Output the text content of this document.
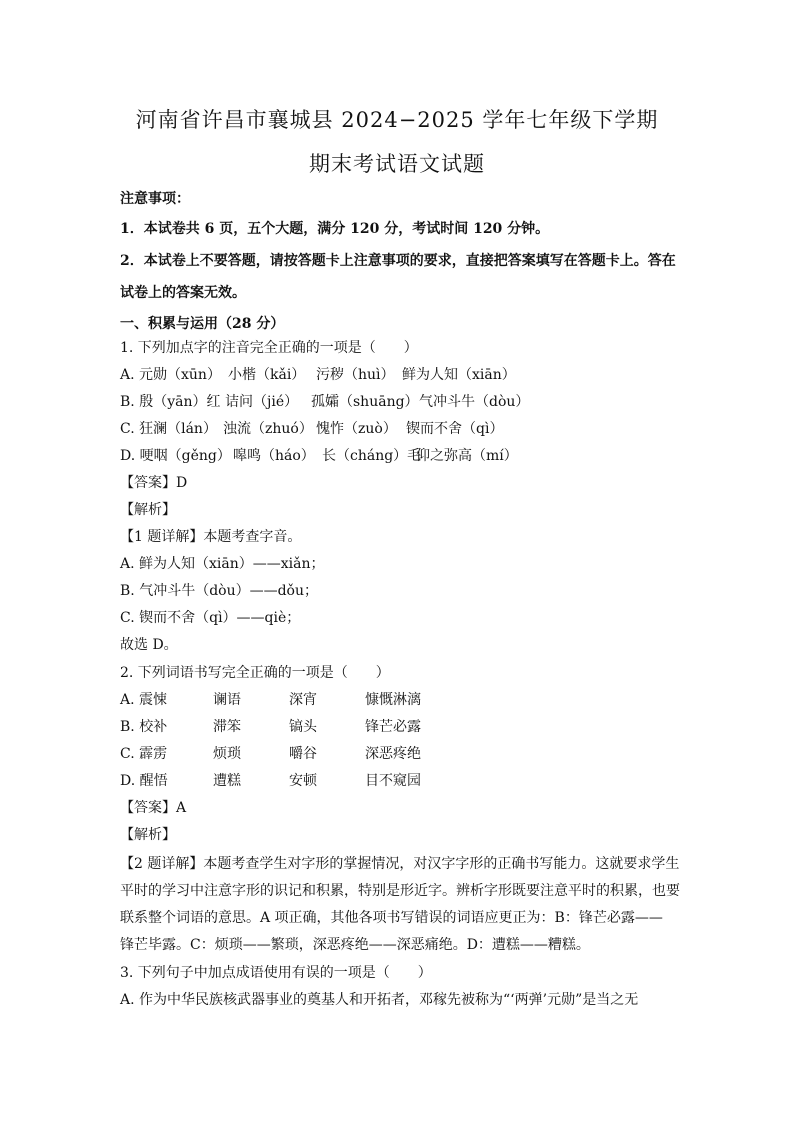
河南省许昌市襄城县 2024−2025 学年七年级下学期
期末考试语文试题
注意事项：
1．本试卷共 6 页，五个大题，满分 120 分，考试时间 120 分钟。
2．本试卷上不要答题，请按答题卡上注意事项的要求，直接把答案填写在答题卡上。答在
试卷上的答案无效。
一、积累与运用（28 分）
1. 下列加点字的注音完全正确的一项是（　　）
A. 元勋（xūn） 小楷（kǎi） 污秽（huì） 鲜为人知（xiān）
B. 殷（yān）红 诘问（jié） 孤孀（shuāng）气冲斗牛（dòu）
C. 狂澜（lán） 浊流（zhuó） 愧怍（zuò） 锲而不舍（qì）
D. 哽咽（gěng） 嗥鸣（háo） 长（cháng）毛仰之弥高（mí）
【答案】D
【解析】
【1 题详解】本题考查字音。
A. 鲜为人知（xiān）——xiǎn；
B. 气冲斗牛（dòu）——dǒu；
C. 锲而不舍（qì）——qiè；
故选 D。
2. 下列词语书写完全正确的一项是（　　）
A. 震悚	谰语	深宵	慷慨淋漓
B. 校补	滞笨	镐头	锋芒必露
C. 霹雳	烦琐	嚼谷	深恶疼绝
D. 醒悟	遭糕	安顿	目不窥园
【答案】A
【解析】
【2 题详解】本题考查学生对字形的掌握情况，对汉字字形的正确书写能力。这就要求学生
平时的学习中注意字形的识记和积累，特别是形近字。辨析字形既要注意平时的积累，也要
联系整个词语的意思。A 项正确，其他各项书写错误的词语应更正为：B：锋芒必露——
锋芒毕露。C：烦琐——繁琐，深恶疼绝——深恶痛绝。D：遭糕——糟糕。
3. 下列句子中加点成语使用有误的一项是（　　）
A. 作为中华民族核武器事业的奠基人和开拓者，邓稼先被称为“‘两弹’元勋”是当之无
